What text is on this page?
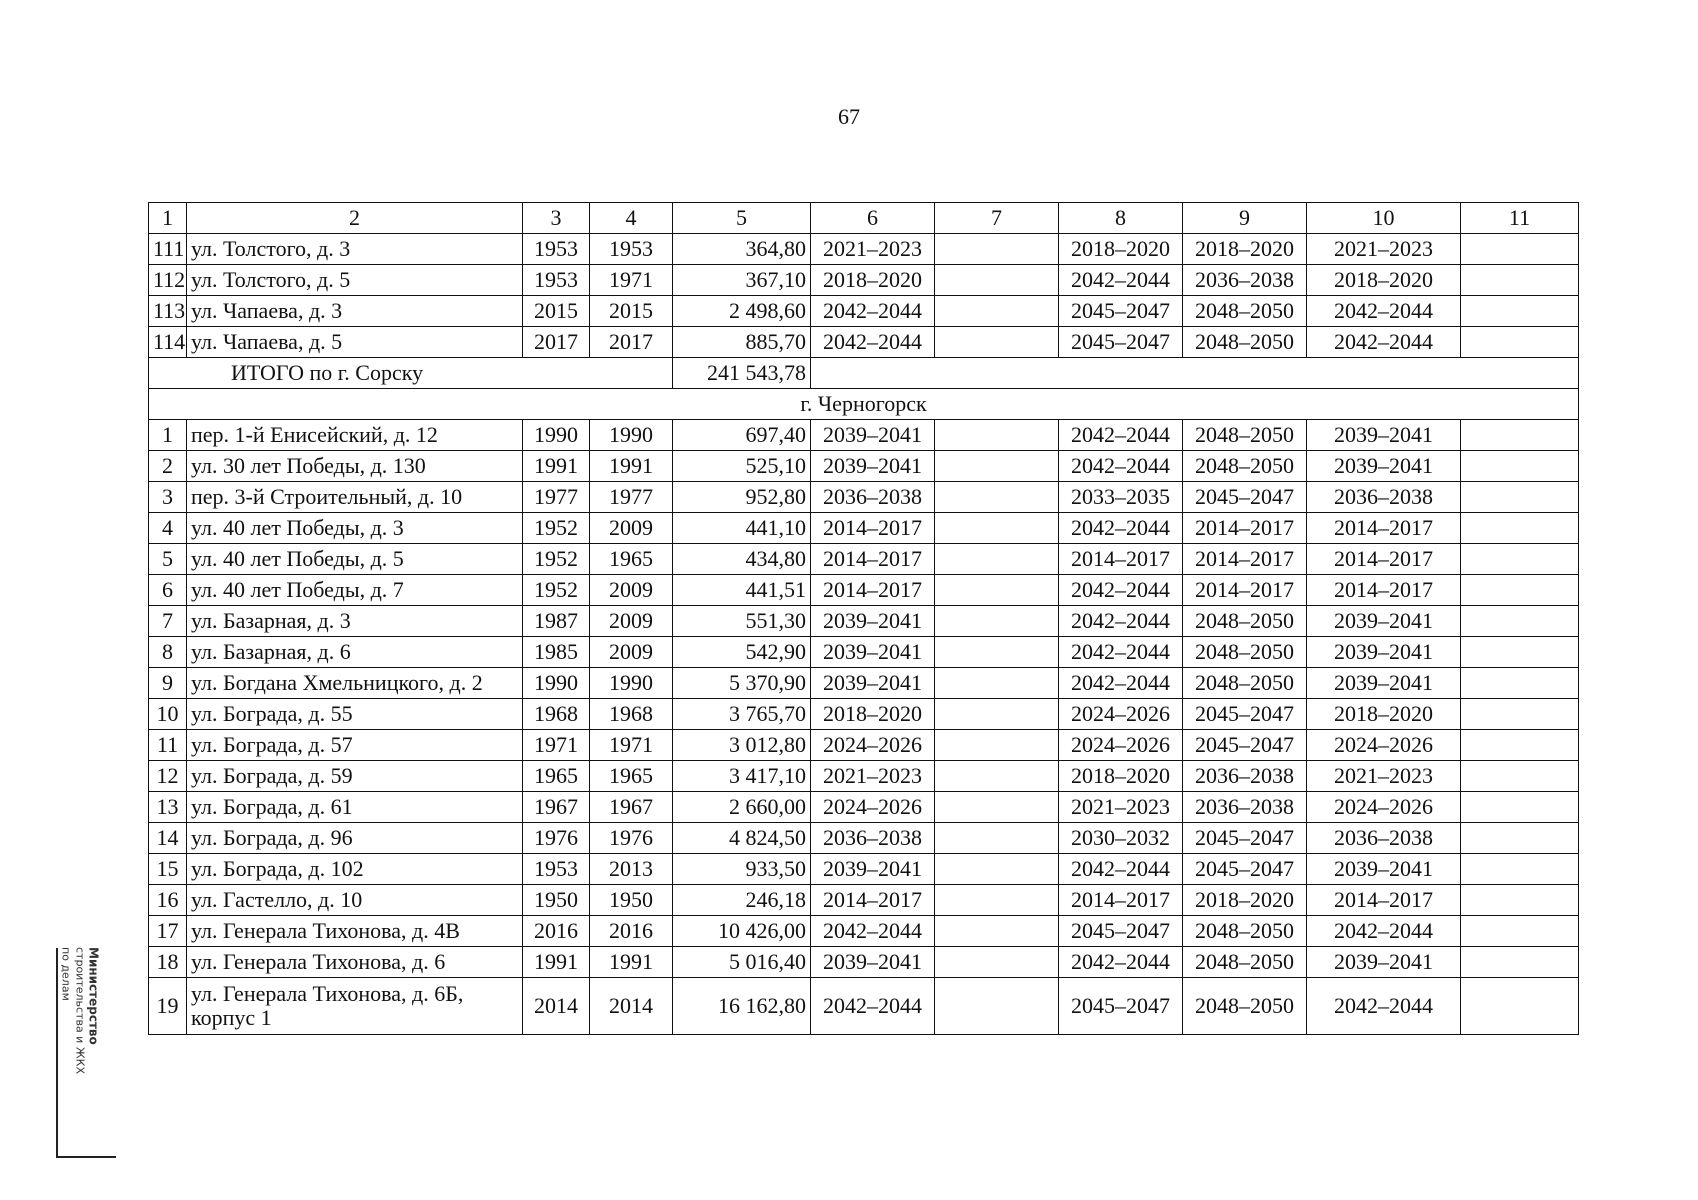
67
1	2	3	4	5	6	7	8	9	10	11
111	ул. Толстого, д. 3	1953	1953	364,80	2021–2023		2018–2020	2018–2020	2021–2023	
112	ул. Толстого, д. 5	1953	1971	367,10	2018–2020		2042–2044	2036–2038	2018–2020	
113	ул. Чапаева, д. 3	2015	2015	2 498,60	2042–2044		2045–2047	2048–2050	2042–2044	
114	ул. Чапаева, д. 5	2017	2017	885,70	2042–2044		2045–2047	2048–2050	2042–2044	
ИТОГО по г. Сорску				241 543,78						
г. Черногорск										
1	пер. 1-й Енисейский, д. 12	1990	1990	697,40	2039–2041		2042–2044	2048–2050	2039–2041	
2	ул. 30 лет Победы, д. 130	1991	1991	525,10	2039–2041		2042–2044	2048–2050	2039–2041	
3	пер. 3-й Строительный, д. 10	1977	1977	952,80	2036–2038		2033–2035	2045–2047	2036–2038	
4	ул. 40 лет Победы, д. 3	1952	2009	441,10	2014–2017		2042–2044	2014–2017	2014–2017	
5	ул. 40 лет Победы, д. 5	1952	1965	434,80	2014–2017		2014–2017	2014–2017	2014–2017	
6	ул. 40 лет Победы, д. 7	1952	2009	441,51	2014–2017		2042–2044	2014–2017	2014–2017	
7	ул. Базарная, д. 3	1987	2009	551,30	2039–2041		2042–2044	2048–2050	2039–2041	
8	ул. Базарная, д. 6	1985	2009	542,90	2039–2041		2042–2044	2048–2050	2039–2041	
9	ул. Богдана Хмельницкого, д. 2	1990	1990	5 370,90	2039–2041		2042–2044	2048–2050	2039–2041	
10	ул. Бограда, д. 55	1968	1968	3 765,70	2018–2020		2024–2026	2045–2047	2018–2020	
11	ул. Бограда, д. 57	1971	1971	3 012,80	2024–2026		2024–2026	2045–2047	2024–2026	
12	ул. Бограда, д. 59	1965	1965	3 417,10	2021–2023		2018–2020	2036–2038	2021–2023	
13	ул. Бограда, д. 61	1967	1967	2 660,00	2024–2026		2021–2023	2036–2038	2024–2026	
14	ул. Бограда, д. 96	1976	1976	4 824,50	2036–2038		2030–2032	2045–2047	2036–2038	
15	ул. Бограда, д. 102	1953	2013	933,50	2039–2041		2042–2044	2045–2047	2039–2041	
16	ул. Гастелло, д. 10	1950	1950	246,18	2014–2017		2014–2017	2018–2020	2014–2017	
17	ул. Генерала Тихонова, д. 4В	2016	2016	10 426,00	2042–2044		2045–2047	2048–2050	2042–2044	
18	ул. Генерала Тихонова, д. 6	1991	1991	5 016,40	2039–2041		2042–2044	2048–2050	2039–2041	
19	ул. Генерала Тихонова, д. 6Б, корпус 1	2014	2014	16 162,80	2042–2044		2045–2047	2048–2050	2042–2044	
Министерство
строительства и ЖКХ
по делам
